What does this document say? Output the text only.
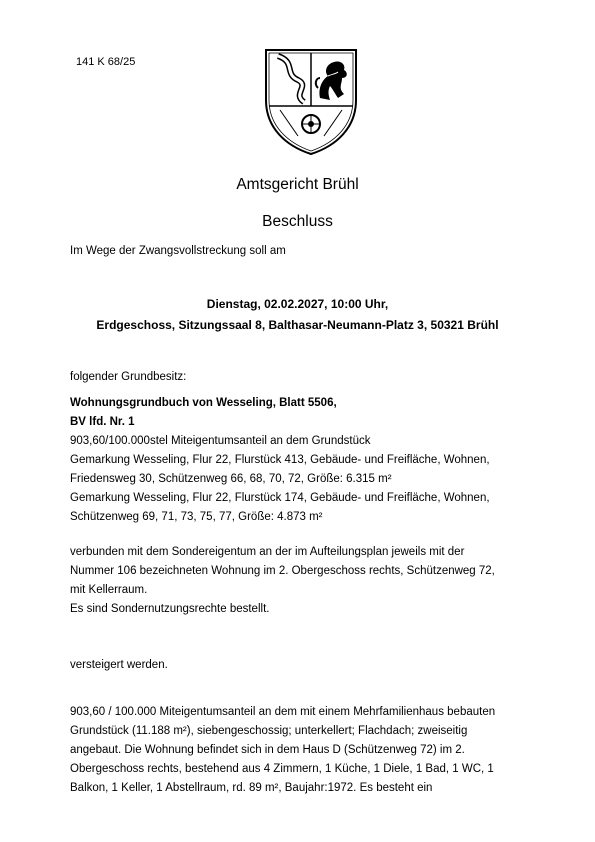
141 K 68/25
Amtsgericht Brühl
Beschluss
Im Wege der Zwangsvollstreckung soll am
Dienstag, 02.02.2027, 10:00 Uhr,
Erdgeschoss, Sitzungssaal 8, Balthasar-Neumann-Platz 3, 50321 Brühl
folgender Grundbesitz:
Wohnungsgrundbuch von Wesseling, Blatt 5506,
BV lfd. Nr. 1
903,60/100.000stel Miteigentumsanteil an dem Grundstück
Gemarkung Wesseling, Flur 22, Flurstück 413, Gebäude- und Freifläche, Wohnen,
Friedensweg 30, Schützenweg 66, 68, 70, 72, Größe: 6.315 m²
Gemarkung Wesseling, Flur 22, Flurstück 174, Gebäude- und Freifläche, Wohnen,
Schützenweg 69, 71, 73, 75, 77, Größe: 4.873 m²
verbunden mit dem Sondereigentum an der im Aufteilungsplan jeweils mit der
Nummer 106 bezeichneten Wohnung im 2. Obergeschoss rechts, Schützenweg 72,
mit Kellerraum.
Es sind Sondernutzungsrechte bestellt.
versteigert werden.
903,60 / 100.000 Miteigentumsanteil an dem mit einem Mehrfamilienhaus bebauten
Grundstück (11.188 m²), siebengeschossig; unterkellert; Flachdach; zweiseitig
angebaut. Die Wohnung befindet sich in dem Haus D (Schützenweg 72) im 2.
Obergeschoss rechts, bestehend aus 4 Zimmern, 1 Küche, 1 Diele, 1 Bad, 1 WC, 1
Balkon, 1 Keller, 1 Abstellraum, rd. 89 m², Baujahr:1972. Es besteht ein
